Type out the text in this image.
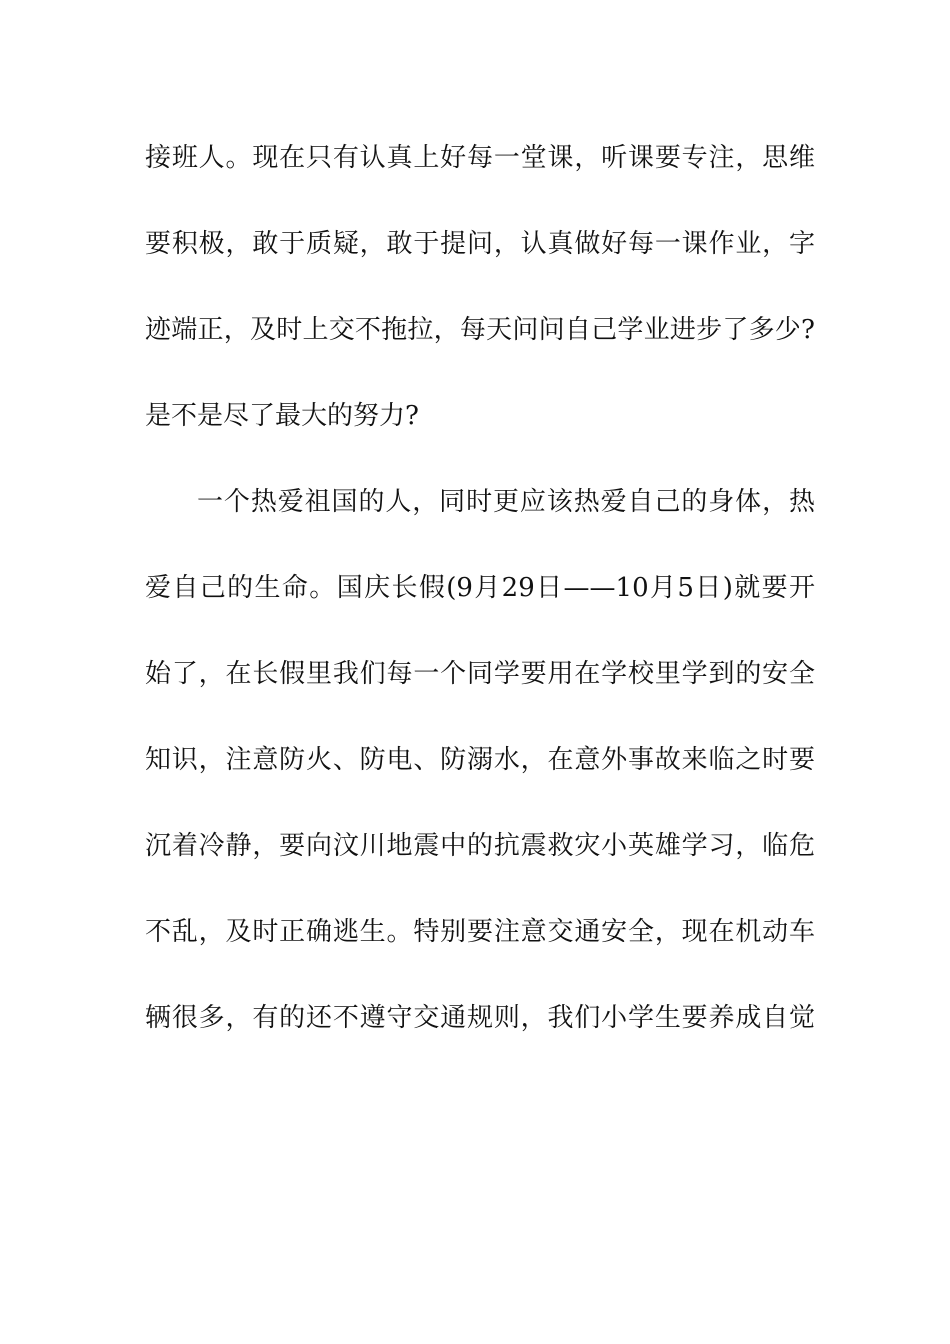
接班人。现在只有认真上好每一堂课，听课要专注，思维
要积极，敢于质疑，敢于提问，认真做好每一课作业，字
迹端正，及时上交不拖拉，每天问问自己学业进步了多少?
是不是尽了最大的努力?
一个热爱祖国的人，同时更应该热爱自己的身体，热
爱自己的生命。国庆长假(9月29日——10月5日)就要开
始了，在长假里我们每一个同学要用在学校里学到的安全
知识，注意防火、防电、防溺水，在意外事故来临之时要
沉着冷静，要向汶川地震中的抗震救灾小英雄学习，临危
不乱，及时正确逃生。特别要注意交通安全，现在机动车
辆很多，有的还不遵守交通规则，我们小学生要养成自觉
